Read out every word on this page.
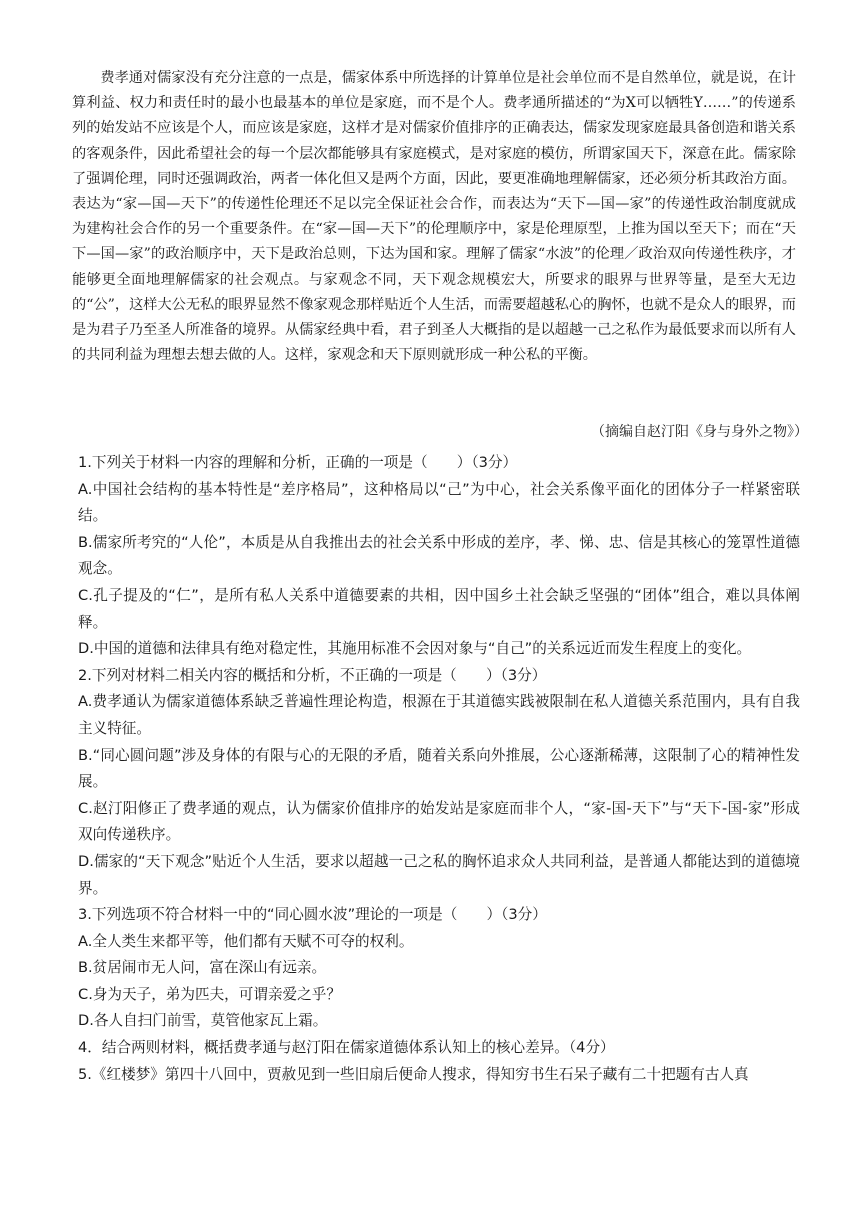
费孝通对儒家没有充分注意的一点是，儒家体系中所选择的计算单位是社会单位而不是自然单位，就是说，在计算利益、权力和责任时的最小也最基本的单位是家庭，而不是个人。费孝通所描述的“为X可以牺牲Y……”的传递系列的始发站不应该是个人，而应该是家庭，这样才是对儒家价值排序的正确表达，儒家发现家庭最具备创造和谐关系的客观条件，因此希望社会的每一个层次都能够具有家庭模式，是对家庭的模仿，所谓家国天下，深意在此。儒家除了强调伦理，同时还强调政治，两者一体化但又是两个方面，因此，要更准确地理解儒家，还必须分析其政治方面。表达为“家—国—天下”的传递性伦理还不足以完全保证社会合作，而表达为“天下—国—家”的传递性政治制度就成为建构社会合作的另一个重要条件。在“家—国—天下”的伦理顺序中，家是伦理原型，上推为国以至天下；而在“天下—国—家”的政治顺序中，天下是政治总则，下达为国和家。理解了儒家“水波”的伦理／政治双向传递性秩序，才能够更全面地理解儒家的社会观点。与家观念不同，天下观念规模宏大，所要求的眼界与世界等量，是至大无边的“公”，这样大公无私的眼界显然不像家观念那样贴近个人生活，而需要超越私心的胸怀，也就不是众人的眼界，而是为君子乃至圣人所准备的境界。从儒家经典中看，君子到圣人大概指的是以超越一己之私作为最低要求而以所有人的共同利益为理想去想去做的人。这样，家观念和天下原则就形成一种公私的平衡。

（摘编自赵汀阳《身与身外之物》）

1.下列关于材料一内容的理解和分析，正确的一项是（　　）（3分）

A.中国社会结构的基本特性是“差序格局”，这种格局以“己”为中心，社会关系像平面化的团体分子一样紧密联结。

B.儒家所考究的“人伦”，本质是从自我推出去的社会关系中形成的差序，孝、悌、忠、信是其核心的笼罩性道德观念。

C.孔子提及的“仁”，是所有私人关系中道德要素的共相，因中国乡土社会缺乏坚强的“团体”组合，难以具体阐释。

D.中国的道德和法律具有绝对稳定性，其施用标准不会因对象与“自己”的关系远近而发生程度上的变化。

2.下列对材料二相关内容的概括和分析，不正确的一项是（　　）（3分）

A.费孝通认为儒家道德体系缺乏普遍性理论构造，根源在于其道德实践被限制在私人道德关系范围内，具有自我主义特征。

B.“同心圆问题”涉及身体的有限与心的无限的矛盾，随着关系向外推展，公心逐渐稀薄，这限制了心的精神性发展。

C.赵汀阳修正了费孝通的观点，认为儒家价值排序的始发站是家庭而非个人，“家-国-天下”与“天下-国-家”形成双向传递秩序。

D.儒家的“天下观念”贴近个人生活，要求以超越一己之私的胸怀追求众人共同利益，是普通人都能达到的道德境界。

3.下列选项不符合材料一中的“同心圆水波”理论的一项是（　　）（3分）

A.全人类生来都平等，他们都有天赋不可夺的权利。

B.贫居闹市无人问，富在深山有远亲。

C.身为天子，弟为匹夫，可谓亲爱之乎？

D.各人自扫门前雪，莫管他家瓦上霜。

4．结合两则材料，概括费孝通与赵汀阳在儒家道德体系认知上的核心差异。（4分）

5.《红楼梦》第四十八回中，贾赦见到一些旧扇后便命人搜求，得知穷书生石呆子藏有二十把题有古人真
